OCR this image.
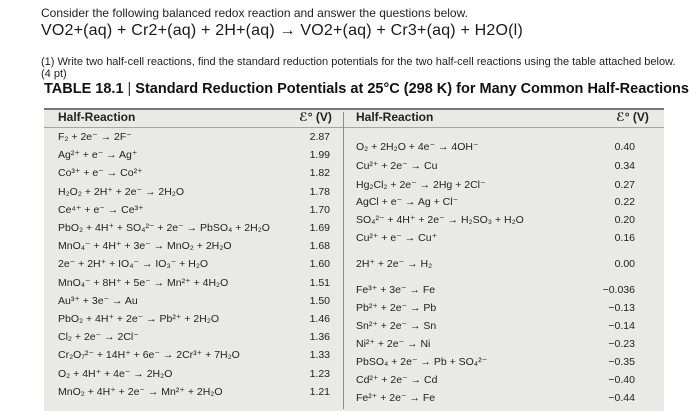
Consider the following balanced redox reaction and answer the questions below.
VO2+(aq) + Cr2+(aq) + 2H+(aq) → VO2+(aq) + Cr3+(aq) + H2O(l)
(1) Write two half-cell reactions, find the standard reduction potentials for the two half-cell reactions using the table attached below. (4 pt)
TABLE 18.1 | Standard Reduction Potentials at 25°C (298 K) for Many Common Half-Reactions
Half-Reaction	ℰ° (V) Half-Reaction	ℰ° (V)
F₂ + 2e⁻ → 2F⁻	2.87
Ag²⁺ + e⁻ → Ag⁺	1.99
Co³⁺ + e⁻ → Co²⁺	1.82
H₂O₂ + 2H⁺ + 2e⁻ → 2H₂O	1.78
Ce⁴⁺ + e⁻ → Ce³⁺	1.70
PbO₂ + 4H⁺ + SO₄²⁻ + 2e⁻ → PbSO₄ + 2H₂O	1.69
MnO₄⁻ + 4H⁺ + 3e⁻ → MnO₂ + 2H₂O	1.68
2e⁻ + 2H⁺ + IO₄⁻ → IO₃⁻ + H₂O	1.60
MnO₄⁻ + 8H⁺ + 5e⁻ → Mn²⁺ + 4H₂O	1.51
Au³⁺ + 3e⁻ → Au	1.50
PbO₂ + 4H⁺ + 2e⁻ → Pb²⁺ + 2H₂O	1.46
Cl₂ + 2e⁻ → 2Cl⁻	1.36
Cr₂O₇²⁻ + 14H⁺ + 6e⁻ → 2Cr³⁺ + 7H₂O	1.33
O₂ + 4H⁺ + 4e⁻ → 2H₂O	1.23
MnO₂ + 4H⁺ + 2e⁻ → Mn²⁺ + 2H₂O	1.21
O₂ + 2H₂O + 4e⁻ → 4OH⁻	0.40
Cu²⁺ + 2e⁻ → Cu	0.34
Hg₂Cl₂ + 2e⁻ → 2Hg + 2Cl⁻	0.27
AgCl + e⁻ → Ag + Cl⁻	0.22
SO₄²⁻ + 4H⁺ + 2e⁻ → H₂SO₃ + H₂O	0.20
Cu²⁺ + e⁻ → Cu⁺	0.16
2H⁺ + 2e⁻ → H₂	0.00
Fe³⁺ + 3e⁻ → Fe	−0.036
Pb²⁺ + 2e⁻ → Pb	−0.13
Sn²⁺ + 2e⁻ → Sn	−0.14
Ni²⁺ + 2e⁻ → Ni	−0.23
PbSO₄ + 2e⁻ → Pb + SO₄²⁻	−0.35
Cd²⁺ + 2e⁻ → Cd	−0.40
Fe²⁺ + 2e⁻ → Fe	−0.44
